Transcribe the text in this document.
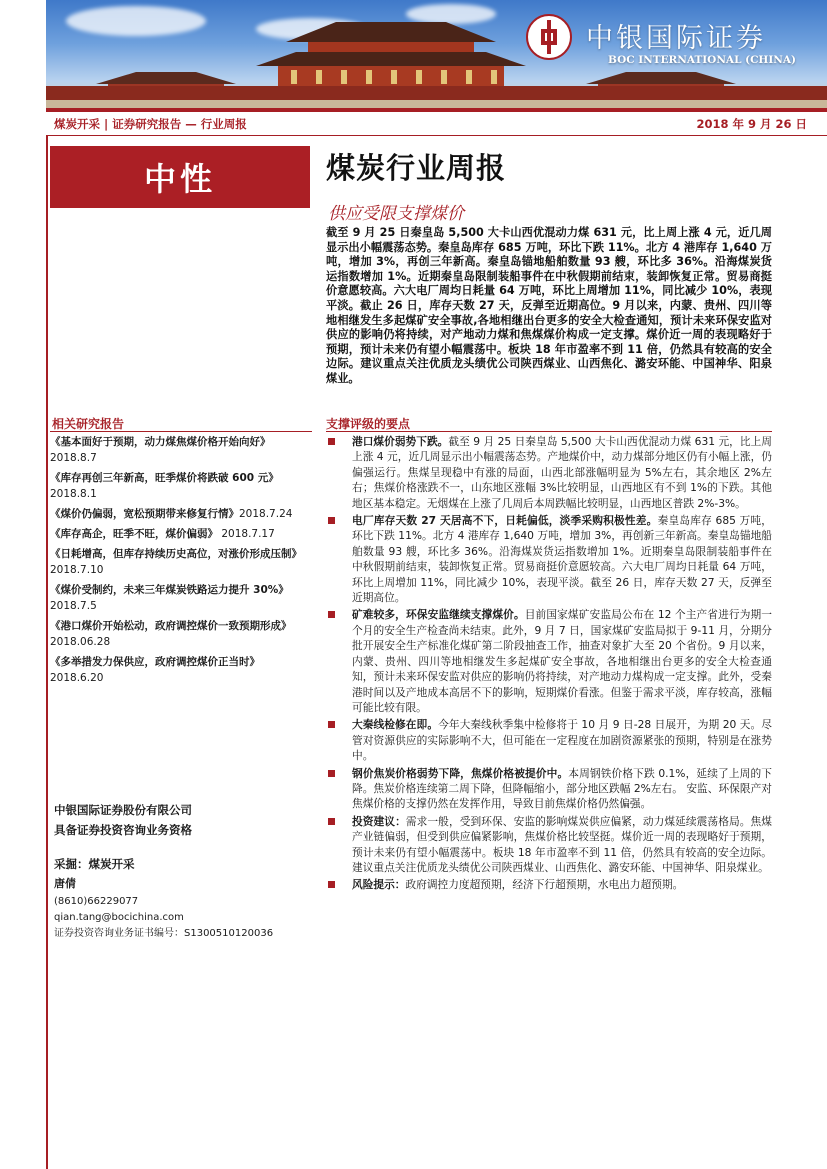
中银国际证券
BOC INTERNATIONAL (CHINA)
煤炭开采 | 证券研究报告 — 行业周报	2018 年 9 月 26 日
中性
相关研究报告
《基本面好于预期，动力煤焦煤价格开始向好》
2018.8.7
《库存再创三年新高，旺季煤价将跌破 600 元》
2018.8.1
《煤价仍偏弱，宽松预期带来修复行情》2018.7.24
《库存高企，旺季不旺，煤价偏弱》 2018.7.17
《日耗增高，但库存持续历史高位，对涨价形成压制》 2018.7.10
《煤价受制约，未来三年煤炭铁路运力提升 30%》
2018.7.5
《港口煤价开始松动，政府调控煤价一致预期形成》 2018.06.28
《多举措发力保供应，政府调控煤价正当时》
2018.6.20
中银国际证券股份有限公司
具备证券投资咨询业务资格
采掘：煤炭开采
唐倩
(8610)66229077
qian.tang@bocichina.com
证券投资咨询业务证书编号：S1300510120036
煤炭行业周报
供应受限支撑煤价
截至 9 月 25 日秦皇岛 5,500 大卡山西优混动力煤 631 元，比上周上涨 4 元，近几周显示出小幅震荡态势。秦皇岛库存 685 万吨，环比下跌 11%。北方 4 港库存 1,640 万吨，增加 3%，再创三年新高。秦皇岛锚地船舶数量 93 艘，环比多 36%。沿海煤炭货运指数增加 1%。近期秦皇岛限制装船事件在中秋假期前结束，装卸恢复正常。贸易商挺价意愿较高。六大电厂周均日耗量 64 万吨，环比上周增加 11%，同比减少 10%，表现平淡。截止 26 日，库存天数 27 天，反弹至近期高位。9 月以来，内蒙、贵州、四川等地相继发生多起煤矿安全事故,各地相继出台更多的安全大检查通知，预计未来环保安监对供应的影响仍将持续，对产地动力煤和焦煤煤价构成一定支撑。煤价近一周的表现略好于预期，预计未来仍有望小幅震荡中。板块 18 年市盈率不到 11 倍，仍然具有较高的安全边际。建议重点关注优质龙头绩优公司陕西煤业、山西焦化、潞安环能、中国神华、阳泉煤业。
支撑评级的要点
港口煤价弱势下跌。截至 9 月 25 日秦皇岛 5,500 大卡山西优混动力煤 631 元，比上周上涨 4 元，近几周显示出小幅震荡态势。产地煤价中，动力煤部分地区仍有小幅上涨，仍偏强运行。焦煤呈现稳中有涨的局面，山西北部涨幅明显为 5%左右，其余地区 2%左右；焦煤价格涨跌不一，山东地区涨幅 3%比较明显，山西地区有不到 1%的下跌。其他地区基本稳定。无烟煤在上涨了几周后本周跌幅比较明显，山西地区普跌 2%-3%。
电厂库存天数 27 天居高不下，日耗偏低，淡季采购积极性差。秦皇岛库存 685 万吨，环比下跌 11%。北方 4 港库存 1,640 万吨，增加 3%，再创新三年新高。秦皇岛锚地船舶数量 93 艘，环比多 36%。沿海煤炭货运指数增加 1%。近期秦皇岛限制装船事件在中秋假期前结束，装卸恢复正常。贸易商挺价意愿较高。六大电厂周均日耗量 64 万吨，环比上周增加 11%，同比减少 10%，表现平淡。截至 26 日，库存天数 27 天，反弹至近期高位。
矿难较多，环保安监继续支撑煤价。目前国家煤矿安监局公布在 12 个主产省进行为期一个月的安全生产检查尚未结束。此外，9 月 7 日，国家煤矿安监局拟于 9-11 月，分期分批开展安全生产标准化煤矿第二阶段抽查工作，抽查对象扩大至 20 个省份。9 月以来，内蒙、贵州、四川等地相继发生多起煤矿安全事故，各地相继出台更多的安全大检查通知，预计未来环保安监对供应的影响仍将持续，对产地动力煤构成一定支撑。此外，受秦港时间以及产地成本高居不下的影响，短期煤价看涨。但鉴于需求平淡，库存较高，涨幅可能比较有限。
大秦线检修在即。今年大秦线秋季集中检修将于 10 月 9 日-28 日展开，为期 20 天。尽管对资源供应的实际影响不大，但可能在一定程度在加剧资源紧张的预期，特别是在涨势中。
钢价焦炭价格弱势下降，焦煤价格被提价中。本周钢铁价格下跌 0.1%，延续了上周的下降。焦炭价格连续第二周下降，但降幅缩小，部分地区跌幅 2%左右。 安监、环保限产对焦煤价格的支撑仍然在发挥作用，导致目前焦煤价格仍然偏强。
投资建议：需求一般，受到环保、安监的影响煤炭供应偏紧，动力煤延续震荡格局。焦煤产业链偏弱，但受到供应偏紧影响，焦煤价格比较坚挺。煤价近一周的表现略好于预期，预计未来仍有望小幅震荡中。板块 18 年市盈率不到 11 倍，仍然具有较高的安全边际。建议重点关注优质龙头绩优公司陕西煤业、山西焦化、潞安环能、中国神华、阳泉煤业。
风险提示：政府调控力度超预期，经济下行超预期，水电出力超预期。
